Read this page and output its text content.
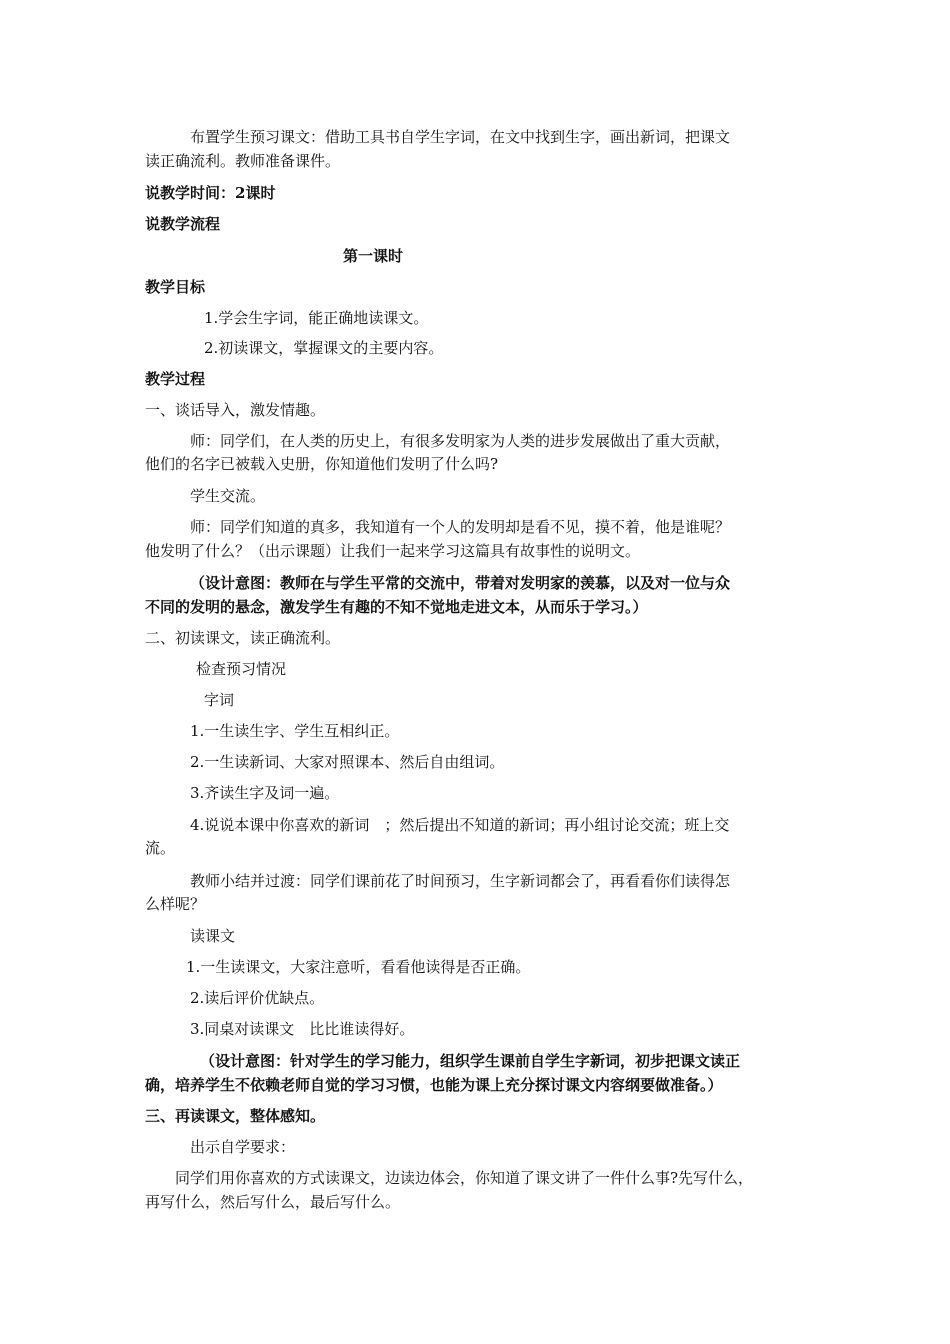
布置学生预习课文：借助工具书自学生字词，在文中找到生字，画出新词，把课文
读正确流利。教师准备课件。
说教学时间：2课时
说教学流程
第一课时
教学目标
1.学会生字词，能正确地读课文。
2.初读课文，掌握课文的主要内容。
教学过程
一、谈话导入，激发情趣。
师：同学们，在人类的历史上，有很多发明家为人类的进步发展做出了重大贡献，
他们的名字已被载入史册，你知道他们发明了什么吗?
学生交流。
师：同学们知道的真多，我知道有一个人的发明却是看不见，摸不着，他是谁呢？
他发明了什么？（出示课题）让我们一起来学习这篇具有故事性的说明文。
（设计意图：教师在与学生平常的交流中，带着对发明家的羡慕，以及对一位与众
不同的发明的悬念，激发学生有趣的不知不觉地走进文本，从而乐于学习。）
二、初读课文，读正确流利。
检查预习情况
字词
1.一生读生字、学生互相纠正。
2.一生读新词、大家对照课本、然后自由组词。
3.齐读生字及词一遍。
4.说说本课中你喜欢的新词　；然后提出不知道的新词；再小组讨论交流；班上交
流。
教师小结并过渡：同学们课前花了时间预习，生字新词都会了，再看看你们读得怎
么样呢？
读课文
1.一生读课文，大家注意听，看看他读得是否正确。
2.读后评价优缺点。
3.同桌对读课文　比比谁读得好。
（设计意图：针对学生的学习能力，组织学生课前自学生字新词，初步把课文读正
确，培养学生不依赖老师自觉的学习习惯，也能为课上充分探讨课文内容纲要做准备。）
三、再读课文，整体感知。
出示自学要求：
同学们用你喜欢的方式读课文，边读边体会，你知道了课文讲了一件什么事?先写什么，
再写什么，然后写什么，最后写什么。
